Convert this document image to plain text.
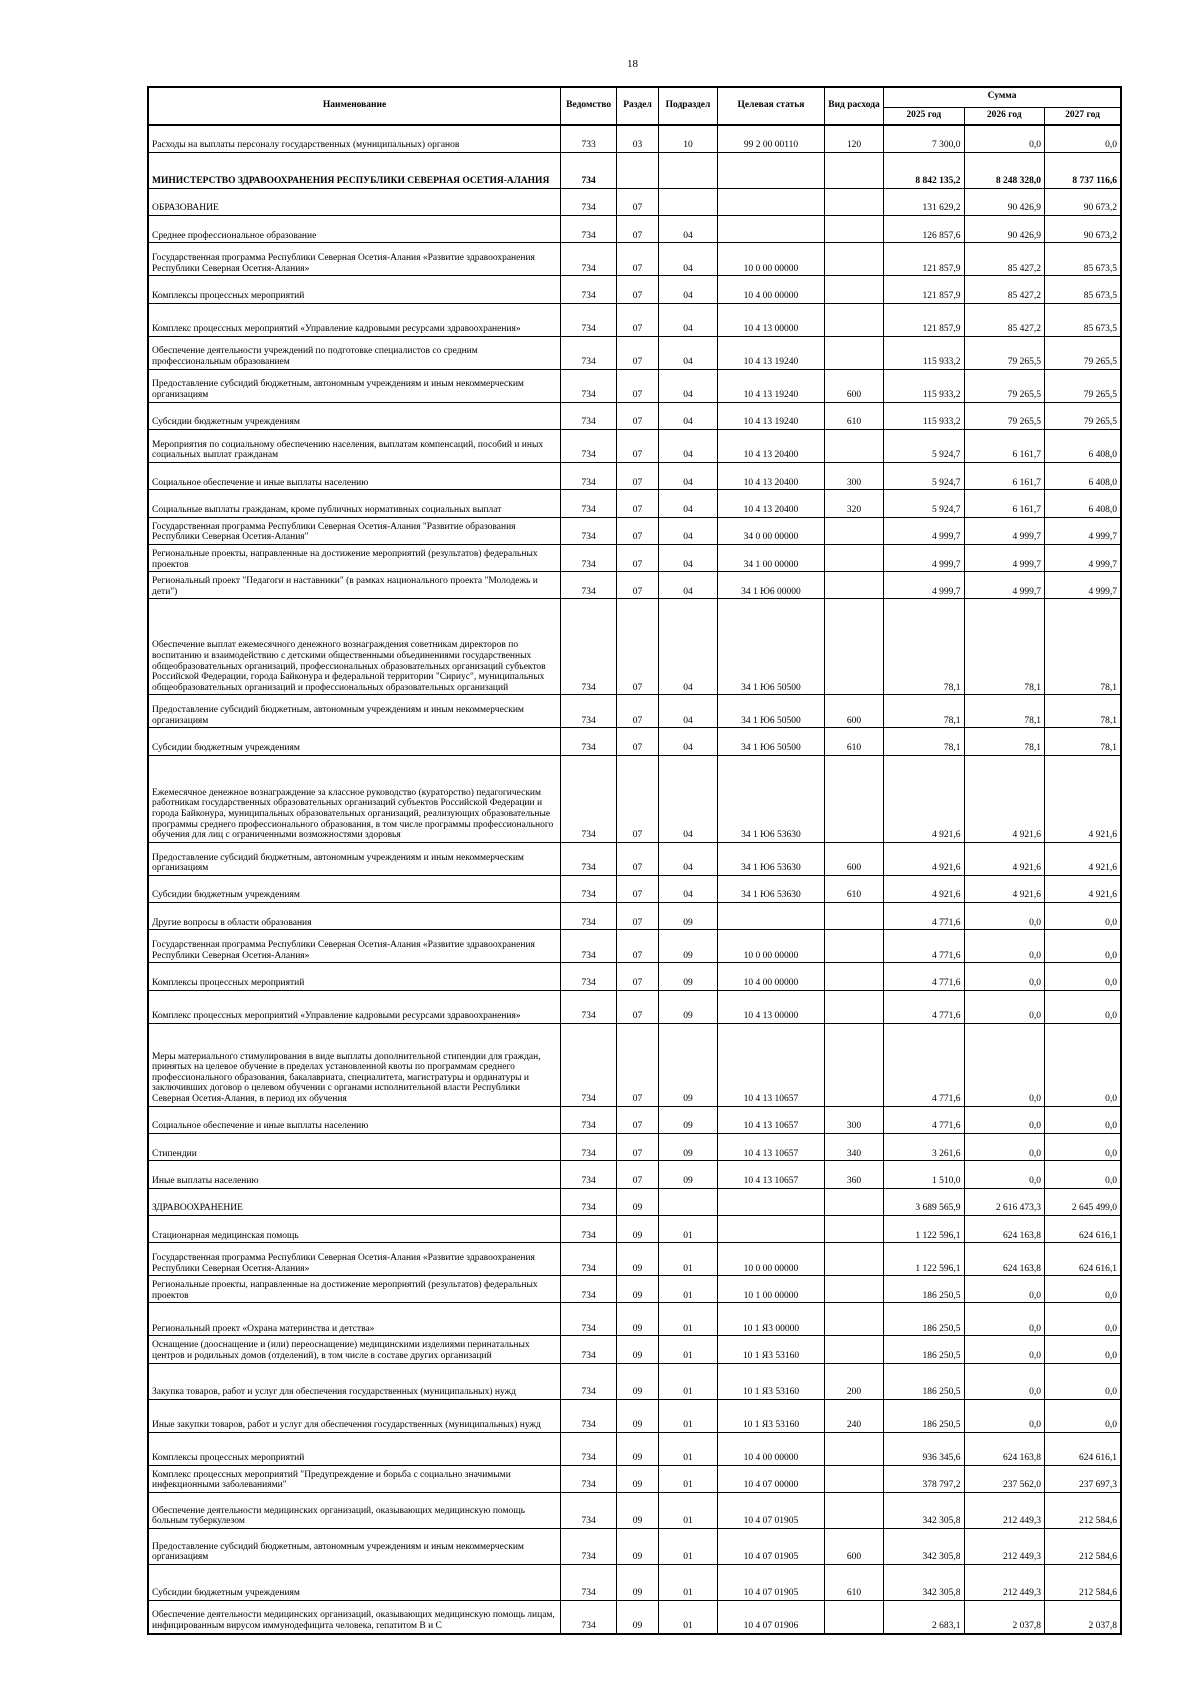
18
Наименование	Ведомство	Раздел	Подраздел	Целевая статья	Вид расхода	Сумма		
						2025 год	2026 год	2027 год
Расходы на выплаты персоналу государственных (муниципальных) органов	733	03	10	99 2 00 00110	120	7 300,0	0,0	0,0
МИНИСТЕРСТВО ЗДРАВООХРАНЕНИЯ РЕСПУБЛИКИ СЕВЕРНАЯ ОСЕТИЯ-АЛАНИЯ	734					8 842 135,2	8 248 328,0	8 737 116,6
ОБРАЗОВАНИЕ	734	07				131 629,2	90 426,9	90 673,2
Среднее профессиональное образование	734	07	04			126 857,6	90 426,9	90 673,2
Государственная программа Республики Северная Осетия-Алания «Развитие здравоохранения Республики Северная Осетия-Алания»	734	07	04	10 0 00 00000		121 857,9	85 427,2	85 673,5
Комплексы процессных мероприятий	734	07	04	10 4 00 00000		121 857,9	85 427,2	85 673,5
Комплекс процессных мероприятий «Управление кадровыми ресурсами здравоохранения»	734	07	04	10 4 13 00000		121 857,9	85 427,2	85 673,5
Обеспечение деятельности учреждений по подготовке специалистов со средним профессиональным образованием	734	07	04	10 4 13 19240		115 933,2	79 265,5	79 265,5
Предоставление субсидий бюджетным, автономным учреждениям и иным некоммерческим организациям	734	07	04	10 4 13 19240	600	115 933,2	79 265,5	79 265,5
Субсидии бюджетным учреждениям	734	07	04	10 4 13 19240	610	115 933,2	79 265,5	79 265,5
Мероприятия по социальному обеспечению населения, выплатам компенсаций, пособий и иных социальных выплат гражданам	734	07	04	10 4 13 20400		5 924,7	6 161,7	6 408,0
Социальное обеспечение и иные выплаты населению	734	07	04	10 4 13 20400	300	5 924,7	6 161,7	6 408,0
Социальные выплаты гражданам, кроме публичных нормативных социальных выплат	734	07	04	10 4 13 20400	320	5 924,7	6 161,7	6 408,0
Государственная программа Республики Северная Осетия-Алания "Развитие образования Республики Северная Осетия-Алания"	734	07	04	34 0 00 00000		4 999,7	4 999,7	4 999,7
Региональные проекты, направленные на достижение мероприятий (результатов) федеральных проектов	734	07	04	34 1 00 00000		4 999,7	4 999,7	4 999,7
Региональный проект "Педагоги и наставники" (в рамках национального проекта "Молодежь и дети")	734	07	04	34 1 Ю6 00000		4 999,7	4 999,7	4 999,7
Обеспечение выплат ежемесячного денежного вознаграждения советникам директоров по воспитанию и взаимодействию с детскими общественными объединениями государственных общеобразовательных организаций, профессиональных образовательных организаций субъектов Российской Федерации, города Байконура и федеральной территории "Сириус", муниципальных общеобразовательных организаций и профессиональных образовательных организаций	734	07	04	34 1 Ю6 50500		78,1	78,1	78,1
Предоставление субсидий бюджетным, автономным учреждениям и иным некоммерческим организациям	734	07	04	34 1 Ю6 50500	600	78,1	78,1	78,1
Субсидии бюджетным учреждениям	734	07	04	34 1 Ю6 50500	610	78,1	78,1	78,1
Ежемесячное денежное вознаграждение за классное руководство (кураторство) педагогическим работникам государственных образовательных организаций субъектов Российской Федерации и города Байконура, муниципальных образовательных организаций, реализующих образовательные программы среднего профессионального образования, в том числе программы профессионального обучения для лиц с ограниченными возможностями здоровья	734	07	04	34 1 Ю6 53630		4 921,6	4 921,6	4 921,6
Предоставление субсидий бюджетным, автономным учреждениям и иным некоммерческим организациям	734	07	04	34 1 Ю6 53630	600	4 921,6	4 921,6	4 921,6
Субсидии бюджетным учреждениям	734	07	04	34 1 Ю6 53630	610	4 921,6	4 921,6	4 921,6
Другие вопросы в области образования	734	07	09			4 771,6	0,0	0,0
Государственная программа Республики Северная Осетия-Алания «Развитие здравоохранения Республики Северная Осетия-Алания»	734	07	09	10 0 00 00000		4 771,6	0,0	0,0
Комплексы процессных мероприятий	734	07	09	10 4 00 00000		4 771,6	0,0	0,0
Комплекс процессных мероприятий «Управление кадровыми ресурсами здравоохранения»	734	07	09	10 4 13 00000		4 771,6	0,0	0,0
Меры материального стимулирования в виде выплаты дополнительной стипендии для граждан, принятых на целевое обучение в пределах установленной квоты по программам среднего профессионального образования, бакалавриата, специалитета, магистратуры и ординатуры и заключивших договор о целевом обучении с органами исполнительной власти Республики Северная Осетия-Алания, в период их обучения	734	07	09	10 4 13 10657		4 771,6	0,0	0,0
Социальное обеспечение и иные выплаты населению	734	07	09	10 4 13 10657	300	4 771,6	0,0	0,0
Стипендии	734	07	09	10 4 13 10657	340	3 261,6	0,0	0,0
Иные выплаты населению	734	07	09	10 4 13 10657	360	1 510,0	0,0	0,0
ЗДРАВООХРАНЕНИЕ	734	09				3 689 565,9	2 616 473,3	2 645 499,0
Стационарная медицинская помощь	734	09	01			1 122 596,1	624 163,8	624 616,1
Государственная программа Республики Северная Осетия-Алания «Развитие здравоохранения Республики Северная Осетия-Алания»	734	09	01	10 0 00 00000		1 122 596,1	624 163,8	624 616,1
Региональные проекты, направленные на достижение мероприятий (результатов) федеральных проектов	734	09	01	10 1 00 00000		186 250,5	0,0	0,0
Региональный проект «Охрана материнства и детства»	734	09	01	10 1 Я3 00000		186 250,5	0,0	0,0
Оснащение (дооснащение и (или) переоснащение) медицинскими изделиями перинатальных центров и родильных домов (отделений), в том числе в составе других организаций	734	09	01	10 1 Я3 53160		186 250,5	0,0	0,0
Закупка товаров, работ и услуг для обеспечения государственных (муниципальных) нужд	734	09	01	10 1 Я3 53160	200	186 250,5	0,0	0,0
Иные закупки товаров, работ и услуг для обеспечения государственных (муниципальных) нужд	734	09	01	10 1 Я3 53160	240	186 250,5	0,0	0,0
Комплексы процессных мероприятий	734	09	01	10 4 00 00000		936 345,6	624 163,8	624 616,1
Комплекс процессных мероприятий "Предупреждение и борьба с социально значимыми инфекционными заболеваниями"	734	09	01	10 4 07 00000		378 797,2	237 562,0	237 697,3
Обеспечение деятельности медицинских организаций, оказывающих медицинскую помощь больным туберкулезом	734	09	01	10 4 07 01905		342 305,8	212 449,3	212 584,6
Предоставление субсидий бюджетным, автономным учреждениям и иным некоммерческим организациям	734	09	01	10 4 07 01905	600	342 305,8	212 449,3	212 584,6
Субсидии бюджетным учреждениям	734	09	01	10 4 07 01905	610	342 305,8	212 449,3	212 584,6
Обеспечение деятельности медицинских организаций, оказывающих медицинскую помощь лицам, инфицированным вирусом иммунодефицита человека, гепатитом B и C	734	09	01	10 4 07 01906		2 683,1	2 037,8	2 037,8
